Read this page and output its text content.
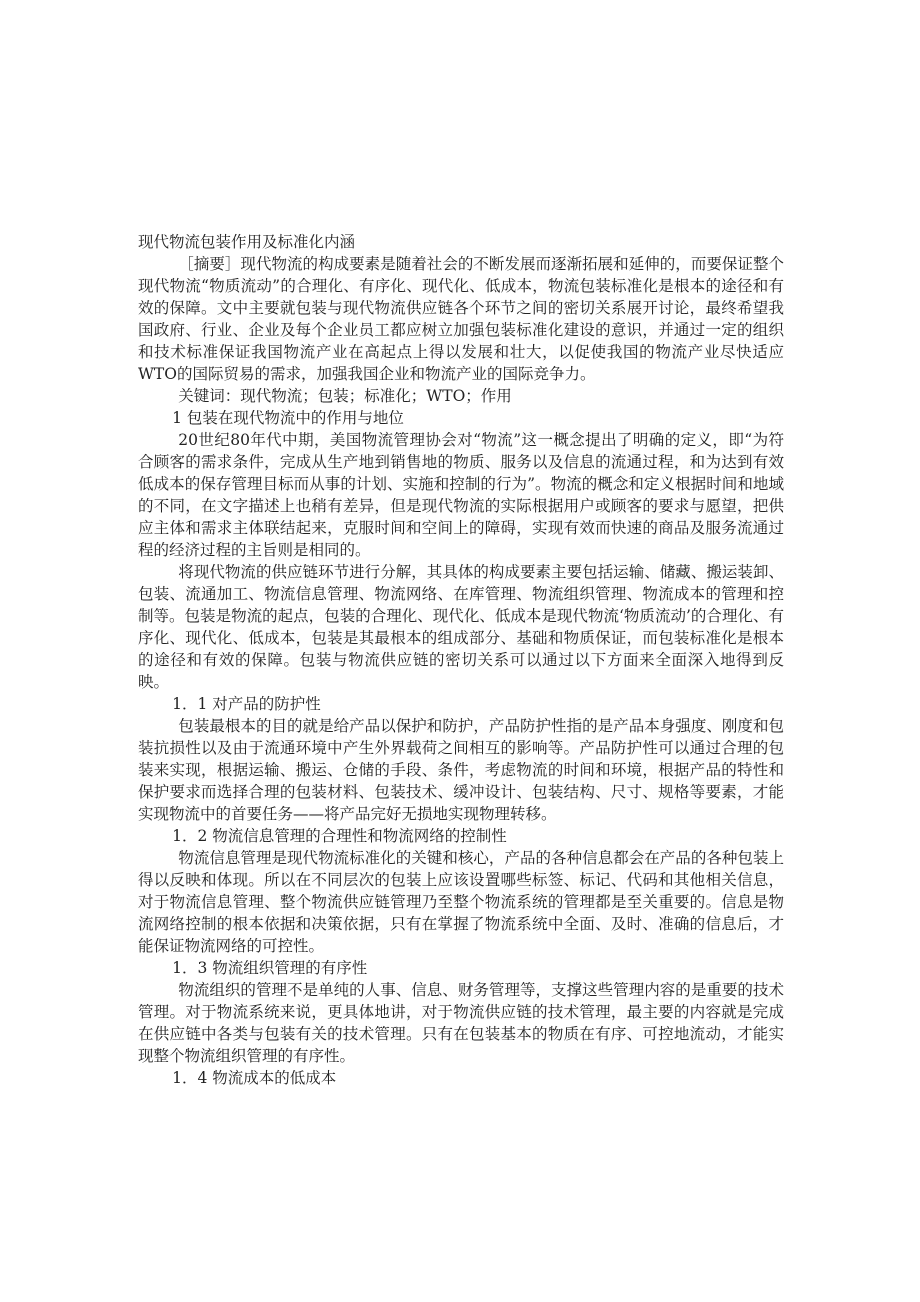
现代物流包装作用及标准化内涵

［摘要］现代物流的构成要素是随着社会的不断发展而逐渐拓展和延伸的，而要保证整个现代物流“物质流动”的合理化、有序化、现代化、低成本，物流包装标准化是根本的途径和有效的保障。文中主要就包装与现代物流供应链各个环节之间的密切关系展开讨论，最终希望我国政府、行业、企业及每个企业员工都应树立加强包装标准化建设的意识，并通过一定的组织和技术标准保证我国物流产业在高起点上得以发展和壮大，以促使我国的物流产业尽快适应WTO的国际贸易的需求，加强我国企业和物流产业的国际竞争力。

关键词：现代物流；包装；标准化；WTO；作用

1 包装在现代物流中的作用与地位

20世纪80年代中期，美国物流管理协会对“物流”这一概念提出了明确的定义，即“为符合顾客的需求条件，完成从生产地到销售地的物质、服务以及信息的流通过程，和为达到有效低成本的保存管理目标而从事的计划、实施和控制的行为”。物流的概念和定义根据时间和地域的不同，在文字描述上也稍有差异，但是现代物流的实际根据用户或顾客的要求与愿望，把供应主体和需求主体联结起来，克服时间和空间上的障碍，实现有效而快速的商品及服务流通过程的经济过程的主旨则是相同的。

将现代物流的供应链环节进行分解，其具体的构成要素主要包括运输、储藏、搬运装卸、包装、流通加工、物流信息管理、物流网络、在库管理、物流组织管理、物流成本的管理和控制等。包装是物流的起点，包装的合理化、现代化、低成本是现代物流‘物质流动’的合理化、有序化、现代化、低成本，包装是其最根本的组成部分、基础和物质保证，而包装标准化是根本的途径和有效的保障。包装与物流供应链的密切关系可以通过以下方面来全面深入地得到反映。

1．1 对产品的防护性

包装最根本的目的就是给产品以保护和防护，产品防护性指的是产品本身强度、刚度和包装抗损性以及由于流通环境中产生外界载荷之间相互的影响等。产品防护性可以通过合理的包装来实现，根据运输、搬运、仓储的手段、条件，考虑物流的时间和环境，根据产品的特性和保护要求而选择合理的包装材料、包装技术、缓冲设计、包装结构、尺寸、规格等要素，才能实现物流中的首要任务——将产品完好无损地实现物理转移。

1．2 物流信息管理的合理性和物流网络的控制性

物流信息管理是现代物流标准化的关键和核心，产品的各种信息都会在产品的各种包装上得以反映和体现。所以在不同层次的包装上应该设置哪些标签、标记、代码和其他相关信息，对于物流信息管理、整个物流供应链管理乃至整个物流系统的管理都是至关重要的。信息是物流网络控制的根本依据和决策依据，只有在掌握了物流系统中全面、及时、准确的信息后，才能保证物流网络的可控性。

1．3 物流组织管理的有序性

物流组织的管理不是单纯的人事、信息、财务管理等，支撑这些管理内容的是重要的技术管理。对于物流系统来说，更具体地讲，对于物流供应链的技术管理，最主要的内容就是完成在供应链中各类与包装有关的技术管理。只有在包装基本的物质在有序、可控地流动，才能实现整个物流组织管理的有序性。

1．4 物流成本的低成本
